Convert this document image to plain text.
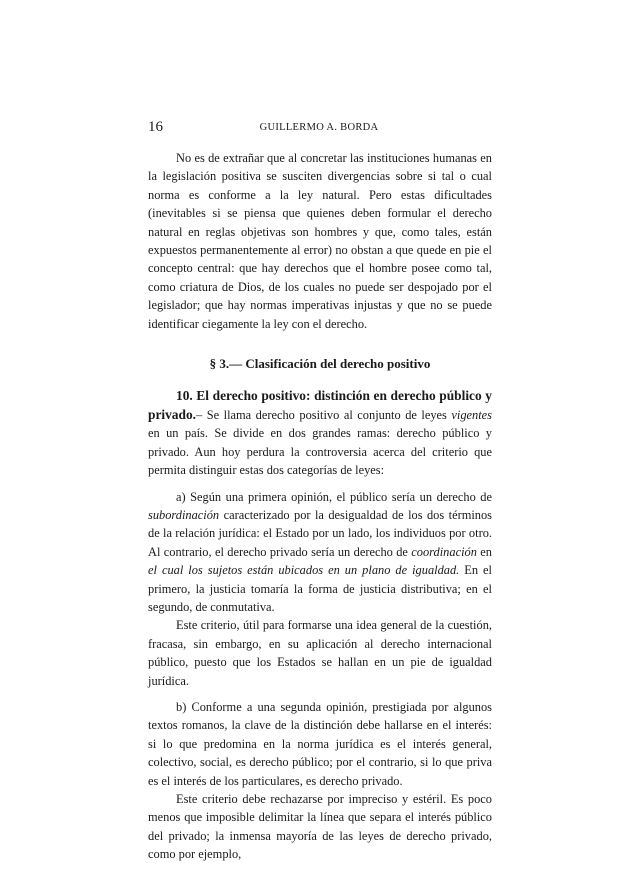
16	GUILLERMO A. BORDA

No es de extrañar que al concretar las instituciones humanas en la legislación positiva se susciten divergencias sobre si tal o cual norma es conforme a la ley natural. Pero estas dificultades (inevitables si se piensa que quienes deben formular el derecho natural en reglas objetivas son hombres y que, como tales, están expuestos permanentemente al error) no obstan a que quede en pie el concepto central: que hay derechos que el hombre posee como tal, como criatura de Dios, de los cuales no puede ser despojado por el legislador; que hay normas imperativas injustas y que no se puede identificar ciegamente la ley con el derecho.

§ 3.— Clasificación del derecho positivo

10. El derecho positivo: distinción en derecho público y privado.– Se llama derecho positivo al conjunto de leyes vigentes en un país. Se divide en dos grandes ramas: derecho público y privado. Aun hoy perdura la controversia acerca del criterio que permita distinguir estas dos categorías de leyes:

a) Según una primera opinión, el público sería un derecho de subordinación caracterizado por la desigualdad de los dos términos de la relación jurídica: el Estado por un lado, los individuos por otro. Al contrario, el derecho privado sería un derecho de coordinación en el cual los sujetos están ubicados en un plano de igualdad. En el primero, la justicia tomaría la forma de justicia distributiva; en el segundo, de conmutativa.

Este criterio, útil para formarse una idea general de la cuestión, fracasa, sin embargo, en su aplicación al derecho internacional público, puesto que los Estados se hallan en un pie de igualdad jurídica.

b) Conforme a una segunda opinión, prestigiada por algunos textos romanos, la clave de la distinción debe hallarse en el interés: si lo que predomina en la norma jurídica es el interés general, colectivo, social, es derecho público; por el contrario, si lo que priva es el interés de los particulares, es derecho privado.

Este criterio debe rechazarse por impreciso y estéril. Es poco menos que imposible delimitar la línea que separa el interés público del privado; la inmensa mayoría de las leyes de derecho privado, como por ejemplo,
